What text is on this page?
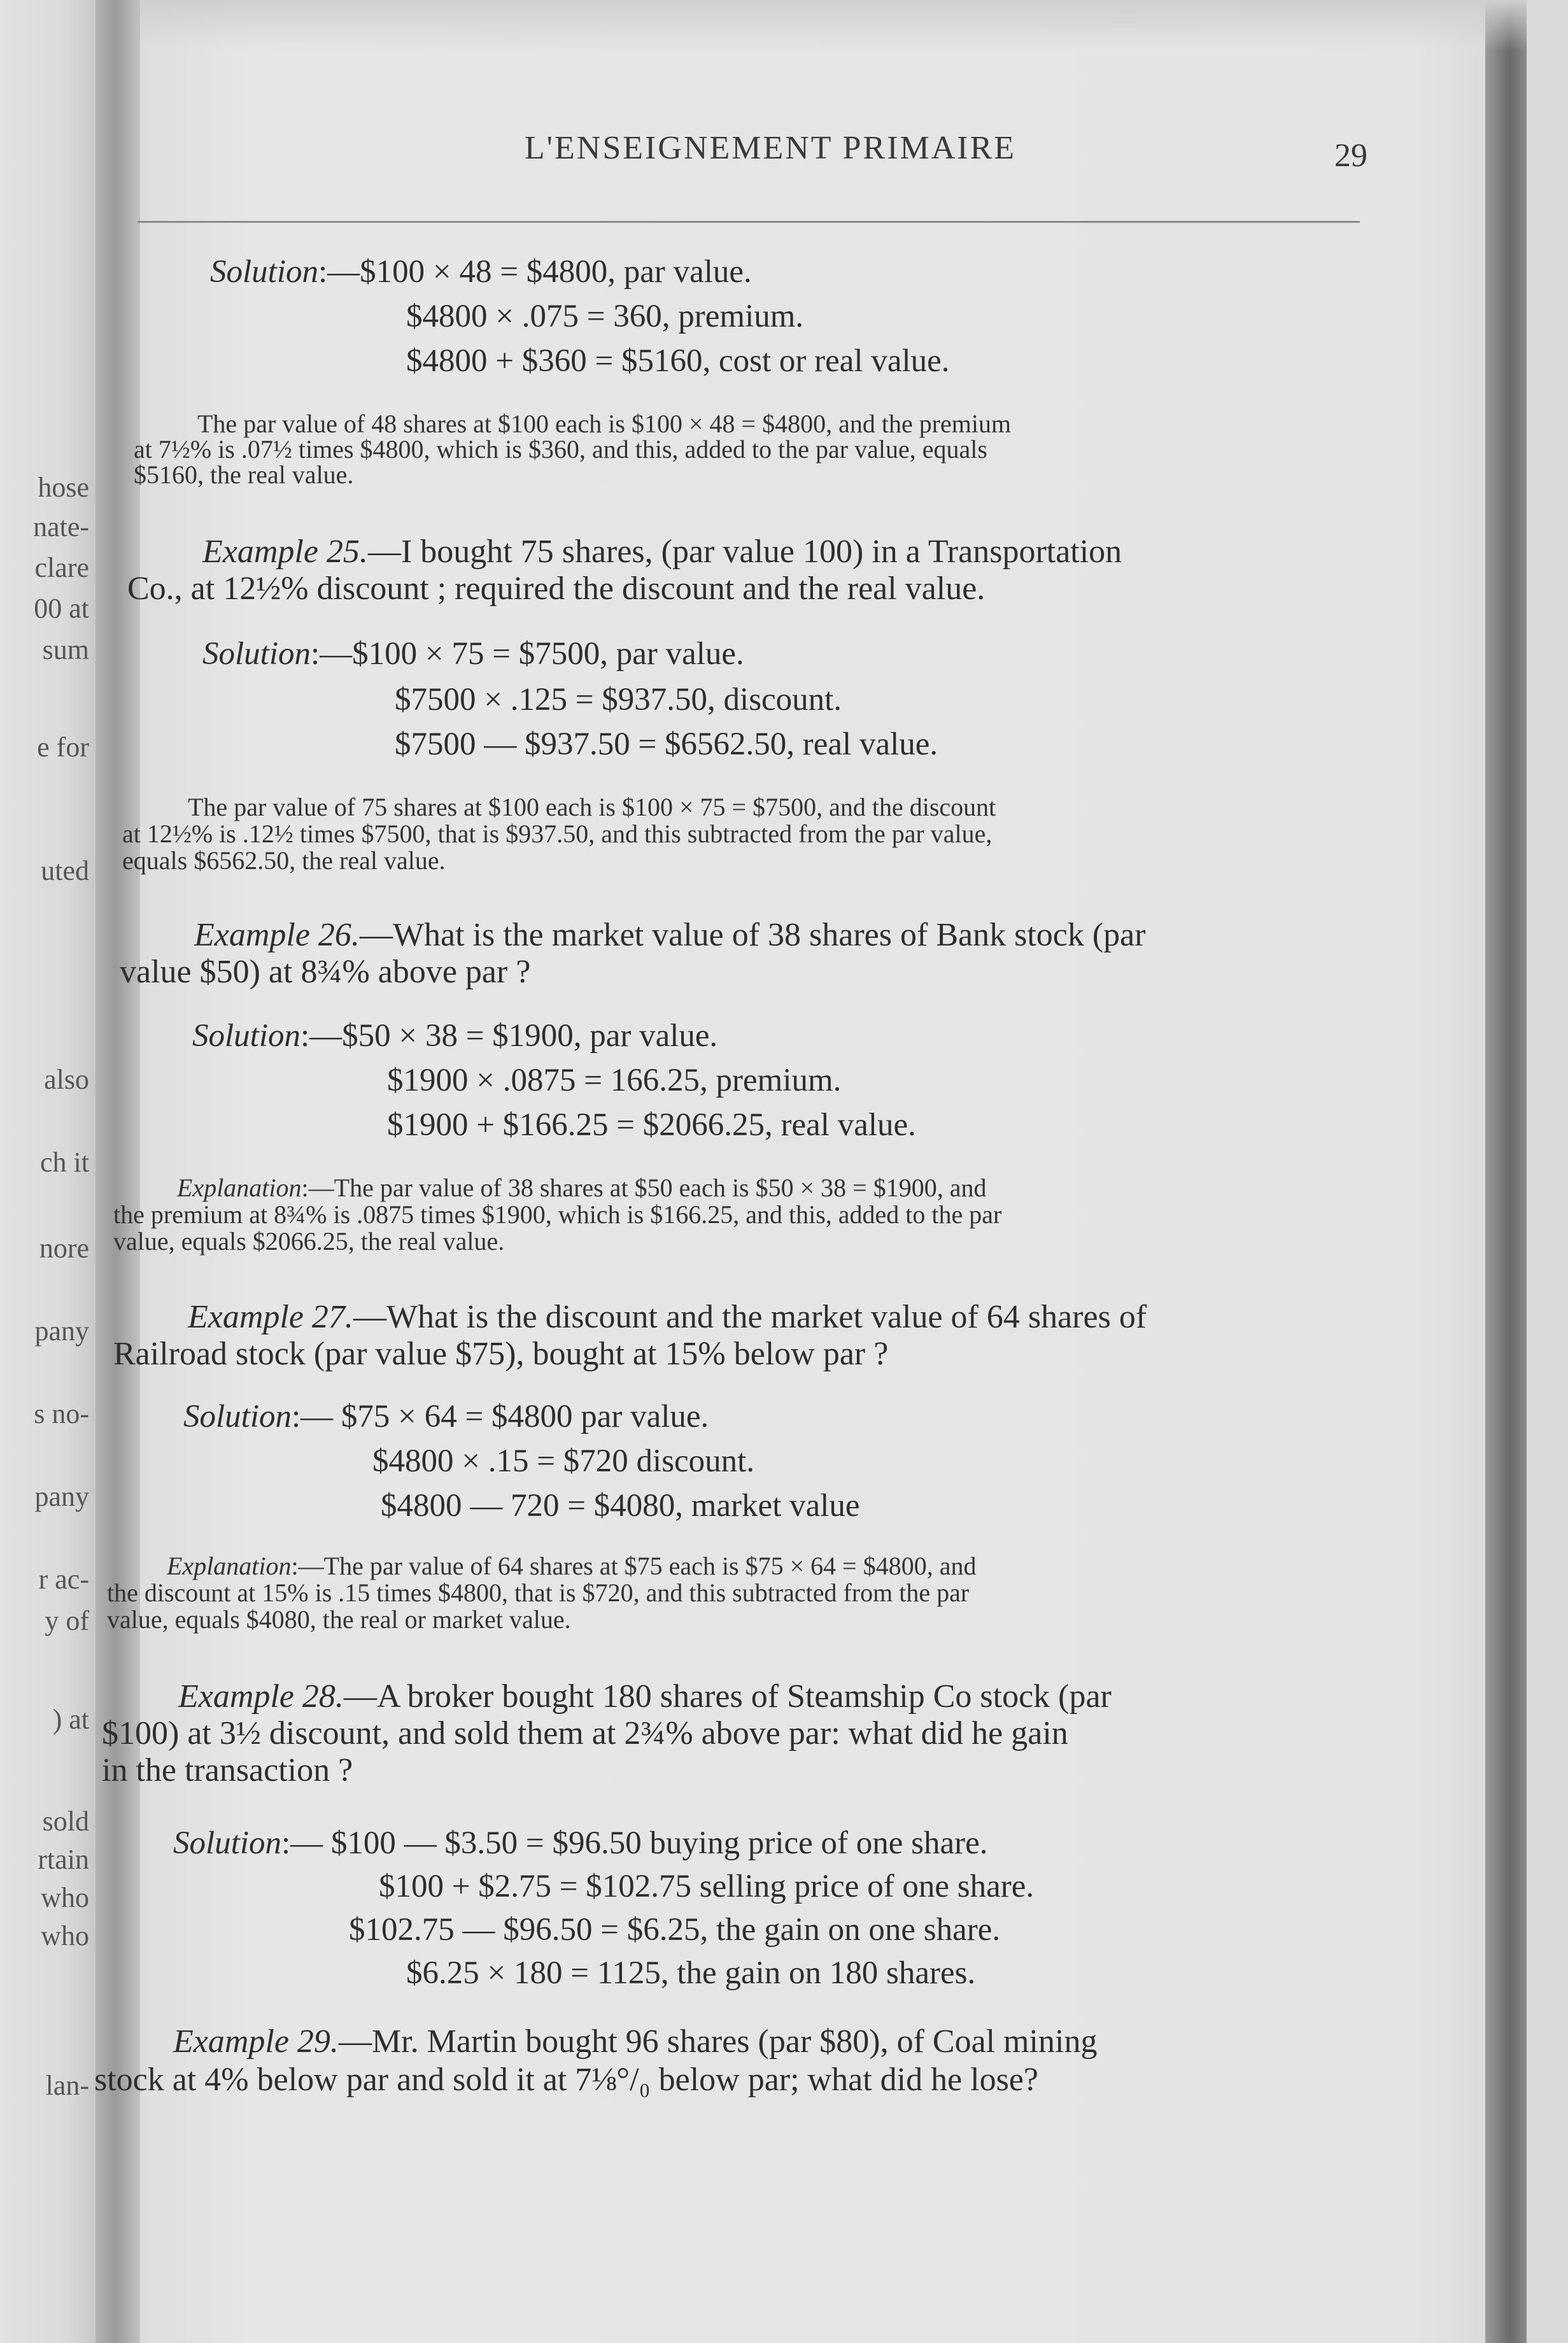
hose
nate-
clare
00 at
sum
e for
uted
also
ch it
nore
pany
s no-
pany
r ac-
y of
) at
sold
rtain
who
who
lan-
L'ENSEIGNEMENT PRIMAIRE	29
Solution:—$100 × 48 = $4800, par value.
$4800 × .075 = 360, premium.
$4800 + $360 = $5160, cost or real value.
The par value of 48 shares at $100 each is $100 × 48 = $4800, and the premium
at 7½% is .07½ times $4800, which is $360, and this, added to the par value, equals
$5160, the real value.
Example 25.—I bought 75 shares, (par value 100) in a Transportation
Co., at 12½% discount ; required the discount and the real value.
Solution:—$100 × 75 = $7500, par value.
$7500 × .125 = $937.50, discount.
$7500 — $937.50 = $6562.50, real value.
The par value of 75 shares at $100 each is $100 × 75 = $7500, and the discount
at 12½% is .12½ times $7500, that is $937.50, and this subtracted from the par value,
equals $6562.50, the real value.
Example 26.—What is the market value of 38 shares of Bank stock (par
value $50) at 8¾% above par ?
Solution:—$50 × 38 = $1900, par value.
$1900 × .0875 = 166.25, premium.
$1900 + $166.25 = $2066.25, real value.
Explanation:—The par value of 38 shares at $50 each is $50 × 38 = $1900, and
the premium at 8¾% is .0875 times $1900, which is $166.25, and this, added to the par
value, equals $2066.25, the real value.
Example 27.—What is the discount and the market value of 64 shares of
Railroad stock (par value $75), bought at 15% below par ?
Solution:— $75 × 64 = $4800 par value.
$4800 × .15 = $720 discount.
$4800 — 720 = $4080, market value
Explanation:—The par value of 64 shares at $75 each is $75 × 64 = $4800, and
the discount at 15% is .15 times $4800, that is $720, and this subtracted from the par
value, equals $4080, the real or market value.
Example 28.—A broker bought 180 shares of Steamship Co stock (par
$100) at 3½ discount, and sold them at 2¾% above par: what did he gain
in the transaction ?
Solution:— $100 — $3.50 = $96.50 buying price of one share.
$100 + $2.75 = $102.75 selling price of one share.
$102.75 — $96.50 = $6.25, the gain on one share.
$6.25 × 180 = 1125, the gain on 180 shares.
Example 29.—Mr. Martin bought 96 shares (par $80), of Coal mining
stock at 4% below par and sold it at 7⅛°/₀ below par; what did he lose?
